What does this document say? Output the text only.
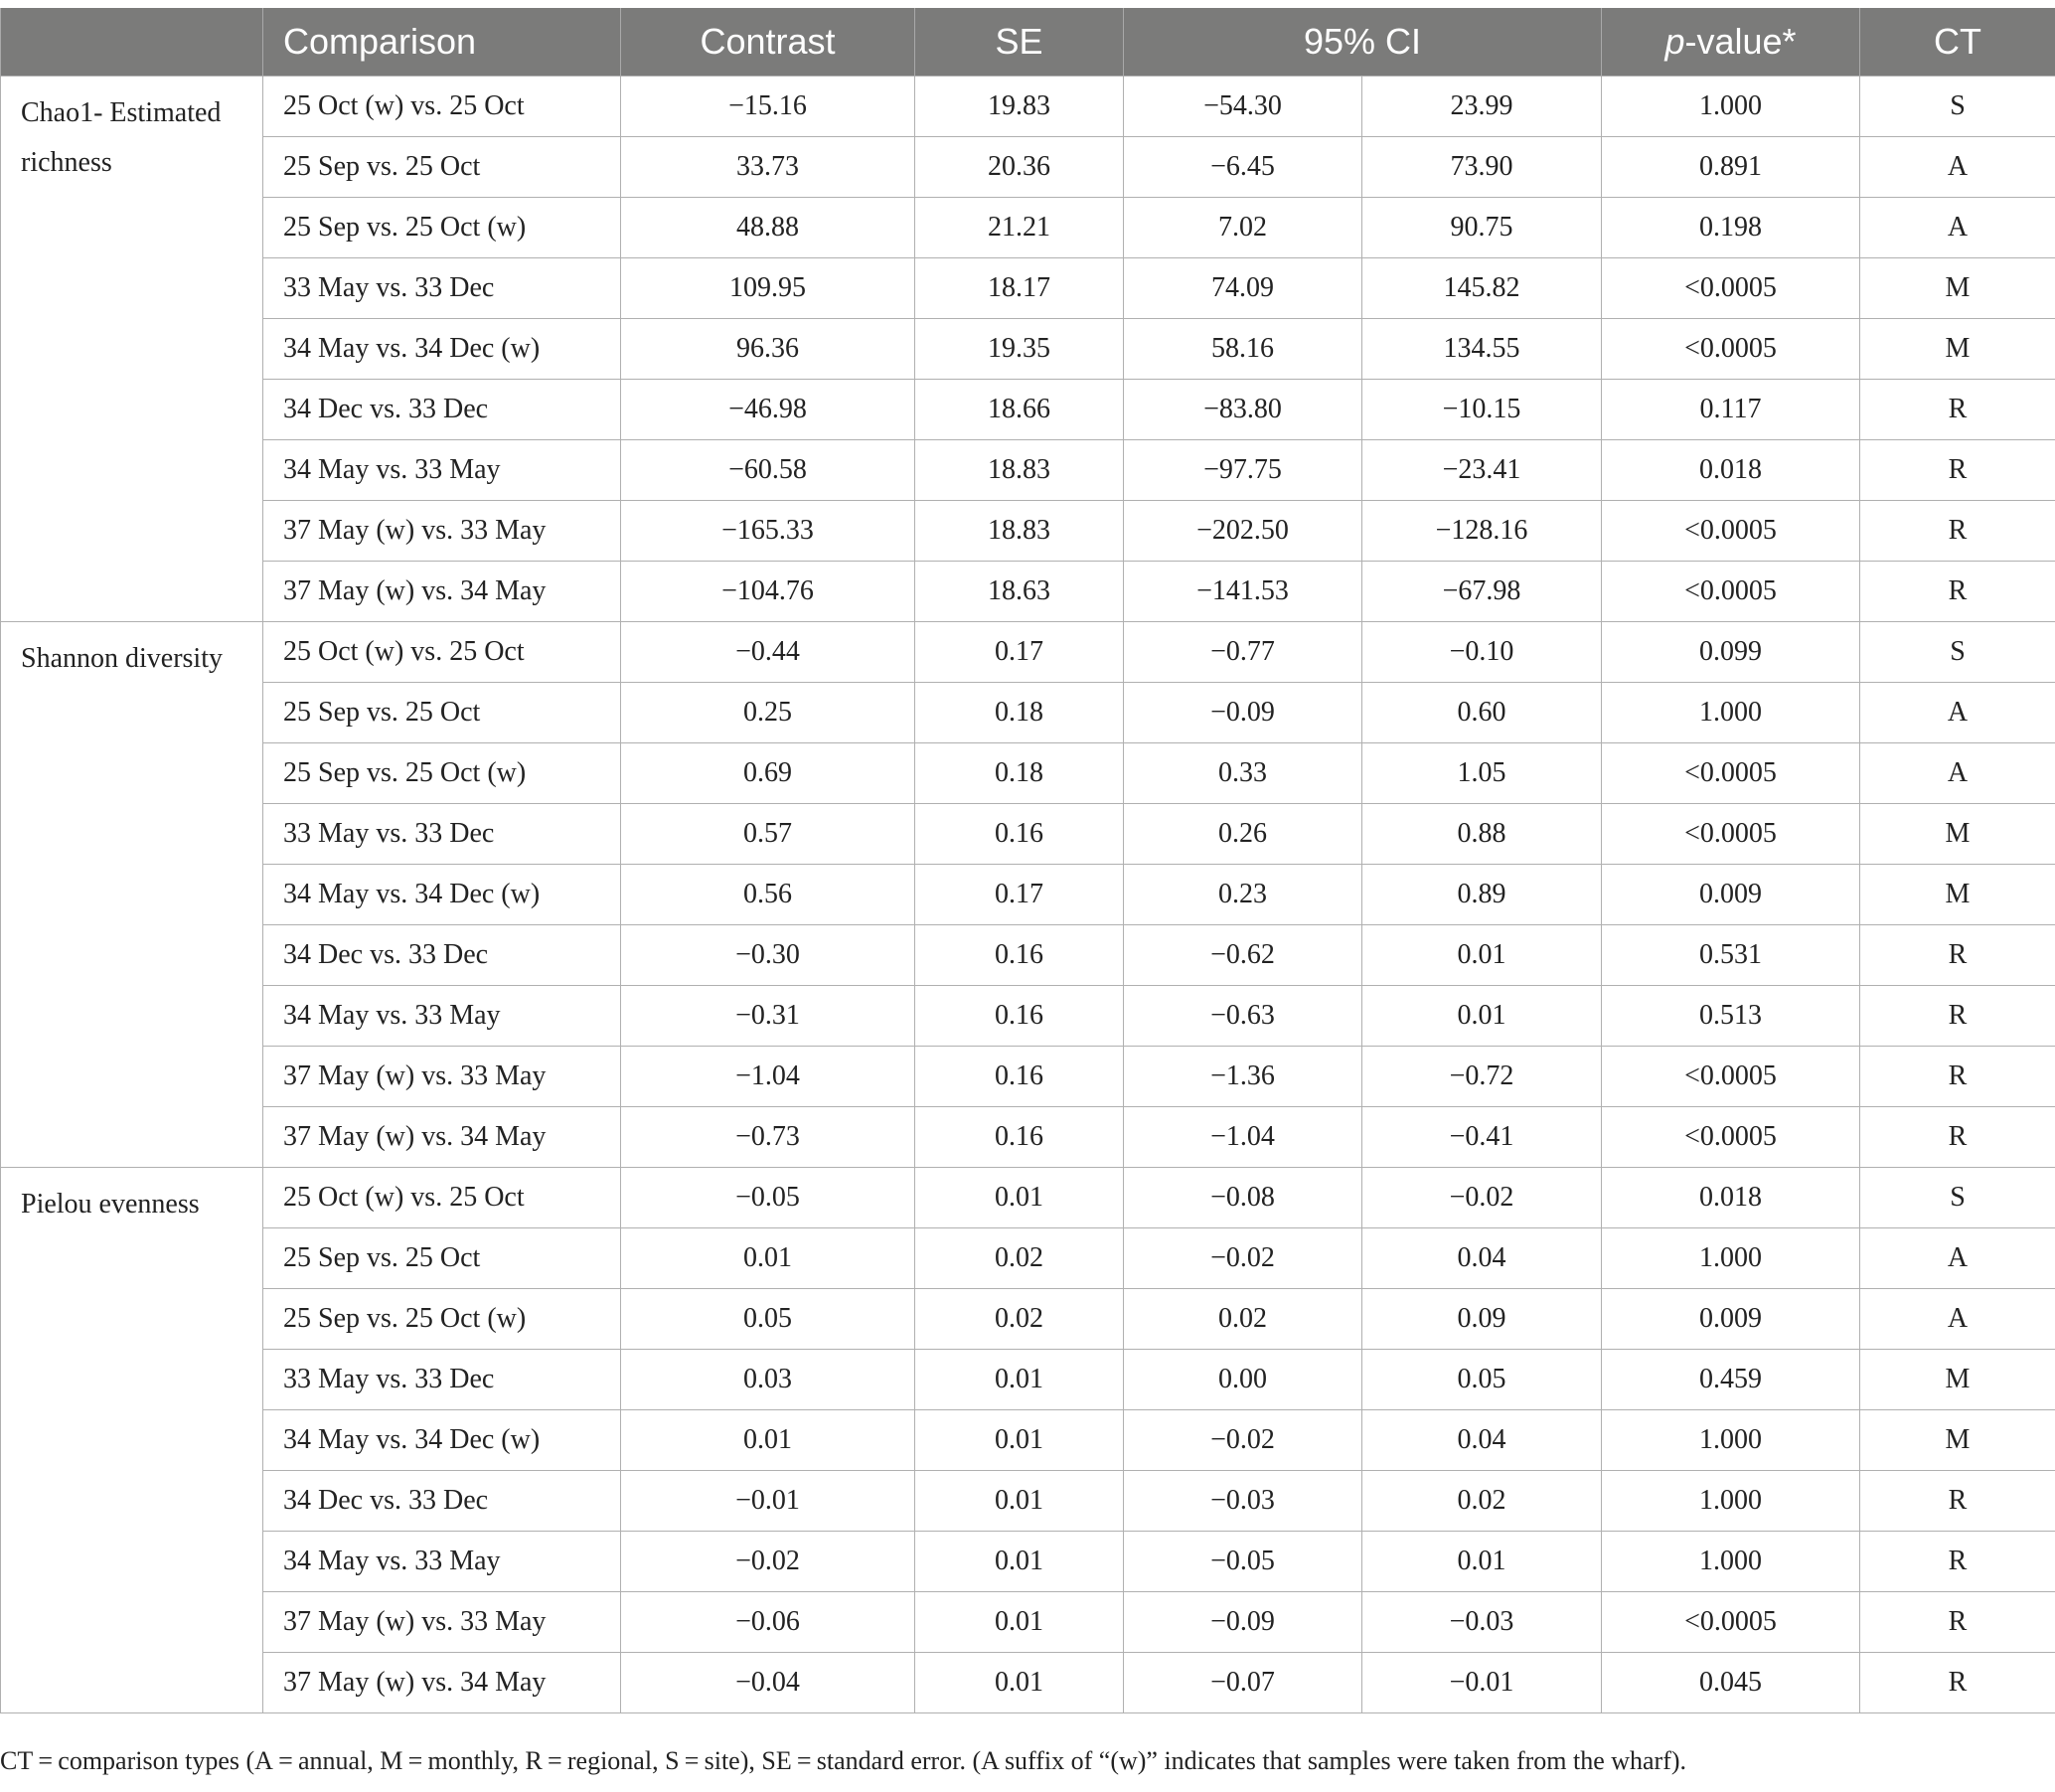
	Comparison	Contrast	SE	95% CI		p-value*	CT
Chao1- Estimated richness	25 Oct (w) vs. 25 Oct	−15.16	19.83	−54.30	23.99	1.000	S
	25 Sep vs. 25 Oct	33.73	20.36	−6.45	73.90	0.891	A
	25 Sep vs. 25 Oct (w)	48.88	21.21	7.02	90.75	0.198	A
	33 May vs. 33 Dec	109.95	18.17	74.09	145.82	<0.0005	M
	34 May vs. 34 Dec (w)	96.36	19.35	58.16	134.55	<0.0005	M
	34 Dec vs. 33 Dec	−46.98	18.66	−83.80	−10.15	0.117	R
	34 May vs. 33 May	−60.58	18.83	−97.75	−23.41	0.018	R
	37 May (w) vs. 33 May	−165.33	18.83	−202.50	−128.16	<0.0005	R
	37 May (w) vs. 34 May	−104.76	18.63	−141.53	−67.98	<0.0005	R
Shannon diversity	25 Oct (w) vs. 25 Oct	−0.44	0.17	−0.77	−0.10	0.099	S
	25 Sep vs. 25 Oct	0.25	0.18	−0.09	0.60	1.000	A
	25 Sep vs. 25 Oct (w)	0.69	0.18	0.33	1.05	<0.0005	A
	33 May vs. 33 Dec	0.57	0.16	0.26	0.88	<0.0005	M
	34 May vs. 34 Dec (w)	0.56	0.17	0.23	0.89	0.009	M
	34 Dec vs. 33 Dec	−0.30	0.16	−0.62	0.01	0.531	R
	34 May vs. 33 May	−0.31	0.16	−0.63	0.01	0.513	R
	37 May (w) vs. 33 May	−1.04	0.16	−1.36	−0.72	<0.0005	R
	37 May (w) vs. 34 May	−0.73	0.16	−1.04	−0.41	<0.0005	R
Pielou evenness	25 Oct (w) vs. 25 Oct	−0.05	0.01	−0.08	−0.02	0.018	S
	25 Sep vs. 25 Oct	0.01	0.02	−0.02	0.04	1.000	A
	25 Sep vs. 25 Oct (w)	0.05	0.02	0.02	0.09	0.009	A
	33 May vs. 33 Dec	0.03	0.01	0.00	0.05	0.459	M
	34 May vs. 34 Dec (w)	0.01	0.01	−0.02	0.04	1.000	M
	34 Dec vs. 33 Dec	−0.01	0.01	−0.03	0.02	1.000	R
	34 May vs. 33 May	−0.02	0.01	−0.05	0.01	1.000	R
	37 May (w) vs. 33 May	−0.06	0.01	−0.09	−0.03	<0.0005	R
	37 May (w) vs. 34 May	−0.04	0.01	−0.07	−0.01	0.045	R
CT = comparison types (A = annual, M = monthly, R = regional, S = site), SE = standard error. (A suffix of “(w)” indicates that samples were taken from the wharf).
